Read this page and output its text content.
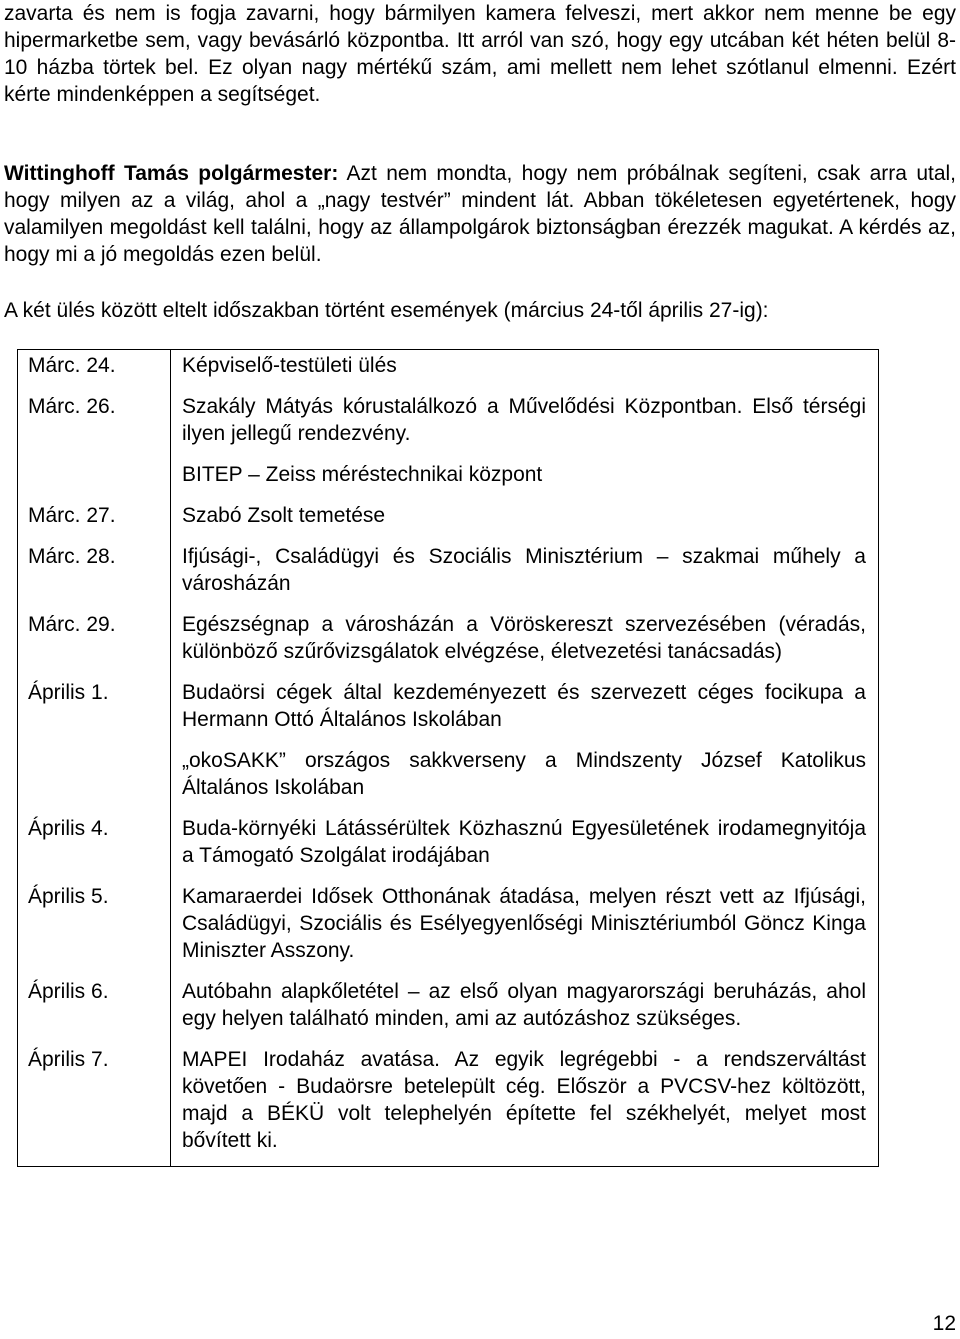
zavarta és nem is fogja zavarni, hogy bármilyen kamera felveszi, mert akkor nem menne be egy hipermarketbe sem, vagy bevásárló központba. Itt arról van szó, hogy egy utcában két héten belül 8-10 házba törtek bel. Ez olyan nagy mértékű szám, ami mellett nem lehet szótlanul elmenni. Ezért kérte mindenképpen a segítséget.

Wittinghoff Tamás polgármester: Azt nem mondta, hogy nem próbálnak segíteni, csak arra utal, hogy milyen az a világ, ahol a „nagy testvér” mindent lát. Abban tökéletesen egyetértenek, hogy valamilyen megoldást kell találni, hogy az állampolgárok biztonságban érezzék magukat. A kérdés az, hogy mi a jó megoldás ezen belül.

A két ülés között eltelt időszakban történt események (március 24-től április 27-ig):

Márc. 24.	Képviselő-testületi ülés
Márc. 26.	Szakály Mátyás kórustalálkozó a Művelődési Központban. Első térségi ilyen jellegű rendezvény.
	BITEP – Zeiss méréstechnikai központ
Márc. 27.	Szabó Zsolt temetése
Márc. 28.	Ifjúsági-, Családügyi és Szociális Minisztérium – szakmai műhely a városházán
Márc. 29.	Egészségnap a városházán a Vöröskereszt szervezésében (véradás, különböző szűrővizsgálatok elvégzése, életvezetési tanácsadás)
Április 1.	Budaörsi cégek által kezdeményezett és szervezett céges focikupa a Hermann Ottó Általános Iskolában
	„okoSAKK” országos sakkverseny a Mindszenty József Katolikus Általános Iskolában
Április 4.	Buda-környéki Látássérültek Közhasznú Egyesületének irodamegnyitója a Támogató Szolgálat irodájában
Április 5.	Kamaraerdei Idősek Otthonának átadása, melyen részt vett az Ifjúsági, Családügyi, Szociális és Esélyegyenlőségi Minisztériumból Göncz Kinga Miniszter Asszony.
Április 6.	Autóbahn alapkőletétel – az első olyan magyarországi beruházás, ahol egy helyen található minden, ami az autózáshoz szükséges.
Április 7.	MAPEI Irodaház avatása. Az egyik legrégebbi - a rendszerváltást követően - Budaörsre betelepült cég. Először a PVCSV-hez költözött, majd a BÉKÜ volt telephelyén építette fel székhelyét, melyet most bővített ki.
12
